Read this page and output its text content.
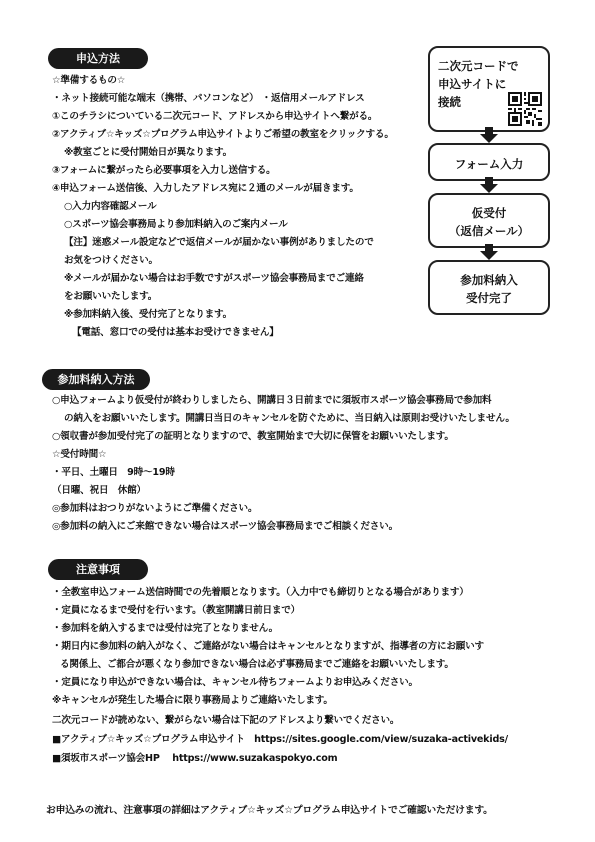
申込方法
☆準備するもの☆
・ネット接続可能な端末（携帯、パソコンなど） ・返信用メールアドレス
①このチラシについている二次元コード、アドレスから申込サイトへ繋がる。
②アクティブ☆キッズ☆プログラム申込サイトよりご希望の教室をクリックする。
※教室ごとに受付開始日が異なります。
③フォームに繋がったら必要事項を入力し送信する。
④申込フォーム送信後、入力したアドレス宛に２通のメールが届きます。
○入力内容確認メール
○スポーツ協会事務局より参加料納入のご案内メール
【注】迷惑メール設定などで返信メールが届かない事例がありましたので
お気をつけください。
※メールが届かない場合はお手数ですがスポーツ協会事務局までご連絡
をお願いいたします。
※参加料納入後、受付完了となります。
【電話、窓口での受付は基本お受けできません】
二次元コードで
申込サイトに
接続
フォーム入力
仮受付
（返信メール）
参加料納入
受付完了
参加料納入方法
○申込フォームより仮受付が終わりしましたら、開講日３日前までに須坂市スポーツ協会事務局で参加料
の納入をお願いいたします。開講日当日のキャンセルを防ぐために、当日納入は原則お受けいたしません。
○領収書が参加受付完了の証明となりますので、教室開始まで大切に保管をお願いいたします。
☆受付時間☆
・平日、土曜日　9時～19時
（日曜、祝日　休館）
◎参加料はおつりがないようにご準備ください。
◎参加料の納入にご来館できない場合はスポーツ協会事務局までご相談ください。
注意事項
・全教室申込フォーム送信時間での先着順となります。（入力中でも締切りとなる場合があります）
・定員になるまで受付を行います。（教室開講日前日まで）
・参加料を納入するまでは受付は完了となりません。
・期日内に参加料の納入がなく、ご連絡がない場合はキャンセルとなりますが、指導者の方にお願いす
る関係上、ご都合が悪くなり参加できない場合は必ず事務局までご連絡をお願いいたします。
・定員になり申込ができない場合は、キャンセル待ちフォームよりお申込みください。
※キャンセルが発生した場合に限り事務局よりご連絡いたします。
二次元コードが読めない、繋がらない場合は下記のアドレスより繋いでください。
■アクティブ☆キッズ☆プログラム申込サイト　https://sites.google.com/view/suzaka-activekids/
■須坂市スポーツ協会HP　 https://www.suzakaspokyo.com
お申込みの流れ、注意事項の詳細はアクティブ☆キッズ☆プログラム申込サイトでご確認いただけます。
